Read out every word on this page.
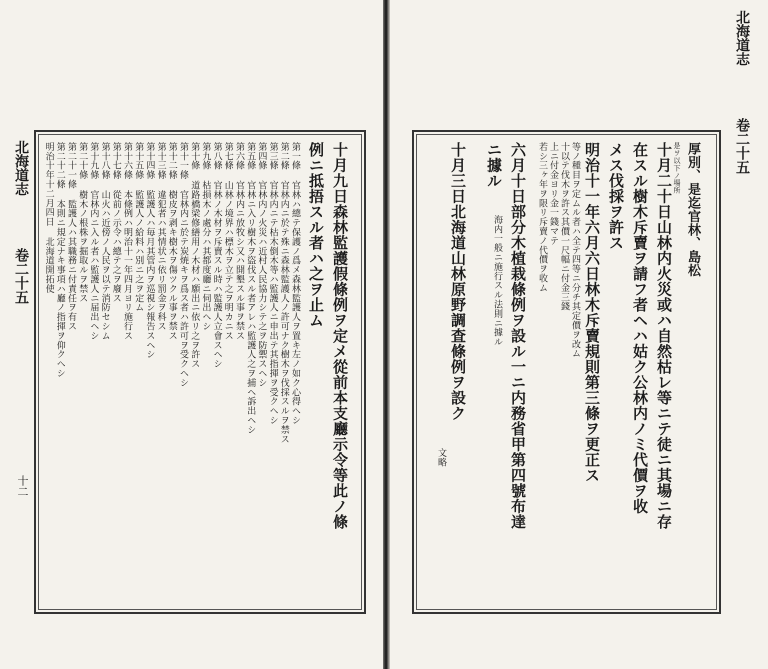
北海道志
卷二十五
厚別、是迄官林、島松
是ヲ以下ノ場所
十月二十日山林内火災或ハ自然枯レ等ニテ徒ニ其場ニ存
在スル樹木斥賣ヲ請フ者ヘハ姑ク公林内ノミ代價ヲ收
メス伐採ヲ許ス
明治十一年六月六日林木斥賣規則第三條ヲ更正ス
等ノ種目ヲ定ムル者ハ全テ四等ニ分チ其定價ヲ改ム
十以テ伐木ヲ許ス其價一尺幅ニ付金三錢
上ニ付金ヨリ金一錢マテ
若シ三ヶ年ヲ限リ斥賣ノ代價ヲ收ム
六月十日部分木植栽條例ヲ設ル一ニ内務省甲第四號布達
ニ據ル
海内一般ニ施行スル法則ニ據ル
十月三日北海道山林原野調査條例ヲ設ク
文略
北海道志
卷二十五
十二	十月九日森林監護假條例ヲ定メ從前本支廳示令等此ノ條
例ニ抵捂スル者ハ之ヲ止ム
第一條 官林ハ總テ保護ノ爲メ森林監護人ヲ置キ左ノ如ク心得ヘシ
第二條 官林内ニ於テ殊ニ森林監護人ノ許可ナク樹木ヲ伐採スルヲ禁ス
第三條 官林内ニテ枯木倒木等ハ監護人ニ申出テ其指揮ヲ受クヘシ
第四條 官林内ノ火災ハ近村人民協力シテ之ヲ防禦スヘシ
第五條 官林ニ入リ樹木ヲ盜伐スル者アレハ監護人之ヲ捕ヘ訴出ヘシ
第六條 官林内ニ放牧シ又ハ開墾スル事ヲ禁ス
第七條 山林ノ境界ハ標木ヲ立テ之ヲ明カニス
第八條 官林ノ木材ヲ斥賣スル時ハ監護人立會スヘシ
第九條 枯損木ノ處分ハ其都度廳ニ伺出ヘシ
第十條 道路橋梁修繕用ノ木材ハ願出ニ依リ之ヲ許ス
第十一條 官林内ニ於テ炭焼キヲ爲ス者ハ許可ヲ受クヘシ
第十二條 樹皮ヲ剥キ樹木ヲ傷ツクル事ヲ禁ス
第十三條 違犯者ハ其情状ニ依リ罰金ヲ科ス
第十四條 監護人ハ毎月其管内ヲ巡視シ報告スヘシ
第十五條 監護人ノ給料ハ別ニ之ヲ定ム
第十六條 本條例ハ明治十一年四月ヨリ施行ス
第十七條 從前ノ示令ハ總テ之ヲ廢ス
第十八條 山火ハ近傍ノ人民ヲ以テ消防セシム
第十九條 官林内ニ入ル者ハ監護人ニ届出ヘシ
第二十條 樹木ノ根株ヲ掘取ルヲ禁ス
第二十一條 監護人ハ其職務ニ付責任ヲ有ス
第二十二條 本則ニ規定ナキ事項ハ廳ノ指揮ヲ仰クヘシ
明治十年十二月四日 北海道開拓使
